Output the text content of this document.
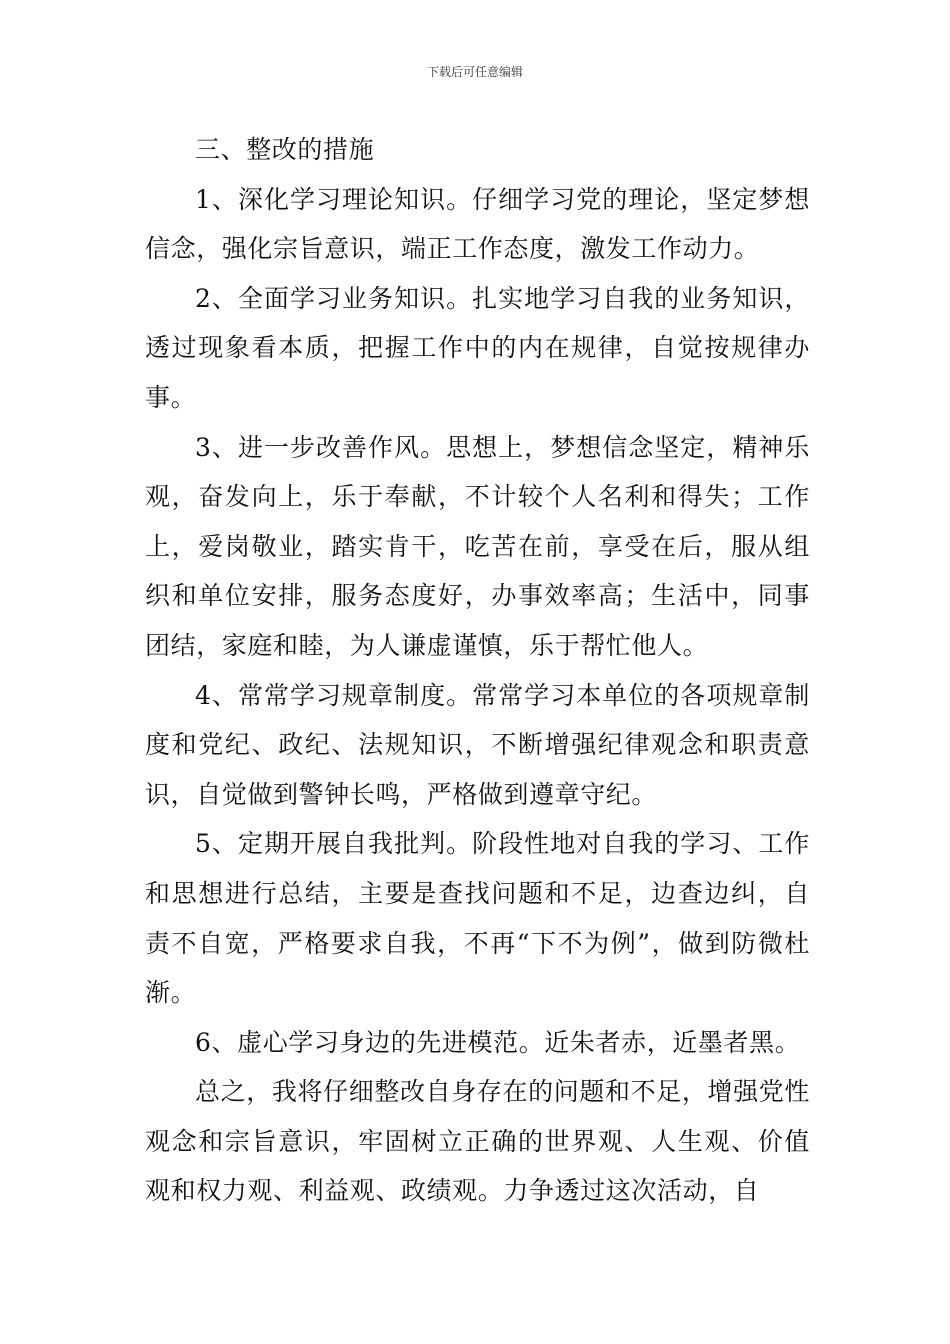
下载后可任意编辑

三、整改的措施

1、深化学习理论知识。仔细学习党的理论，坚定梦想信念，强化宗旨意识，端正工作态度，激发工作动力。

2、全面学习业务知识。扎实地学习自我的业务知识，透过现象看本质，把握工作中的内在规律，自觉按规律办事。

3、进一步改善作风。思想上，梦想信念坚定，精神乐观，奋发向上，乐于奉献，不计较个人名利和得失；工作上，爱岗敬业，踏实肯干，吃苦在前，享受在后，服从组织和单位安排，服务态度好，办事效率高；生活中，同事团结，家庭和睦，为人谦虚谨慎，乐于帮忙他人。

4、常常学习规章制度。常常学习本单位的各项规章制度和党纪、政纪、法规知识，不断增强纪律观念和职责意识，自觉做到警钟长鸣，严格做到遵章守纪。

5、定期开展自我批判。阶段性地对自我的学习、工作和思想进行总结，主要是查找问题和不足，边查边纠，自责不自宽，严格要求自我，不再“下不为例”，做到防微杜渐。

6、虚心学习身边的先进模范。近朱者赤，近墨者黑。

总之，我将仔细整改自身存在的问题和不足，增强党性观念和宗旨意识，牢固树立正确的世界观、人生观、价值观和权力观、利益观、政绩观。力争透过这次活动，自
